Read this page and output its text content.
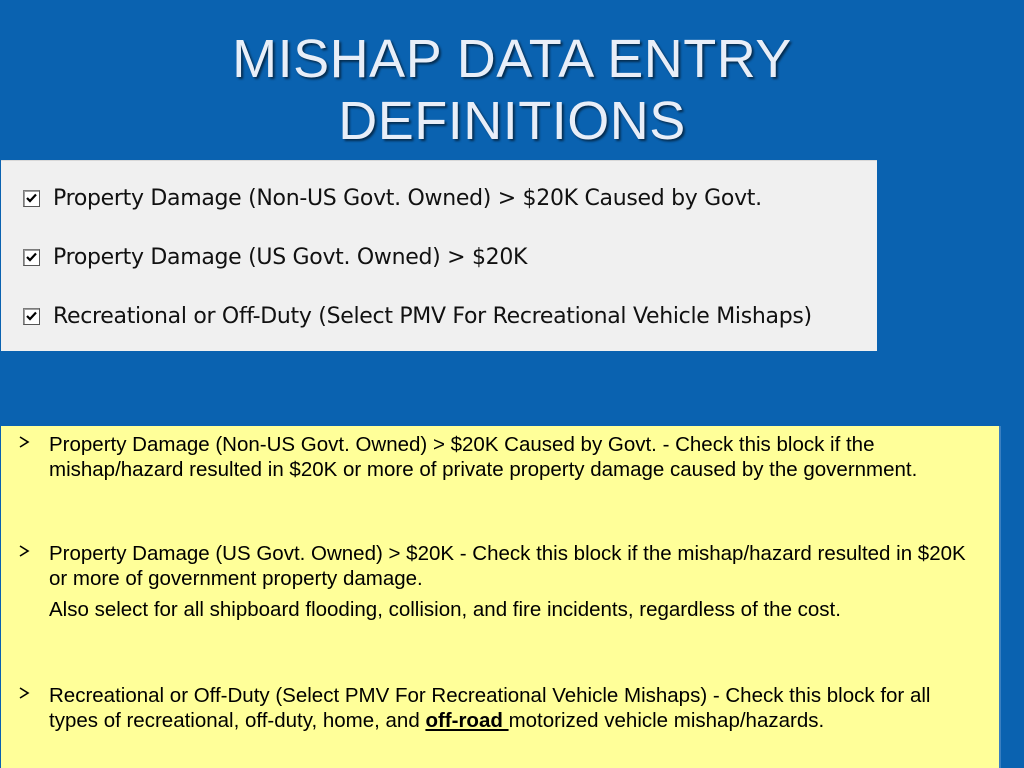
MISHAP DATA ENTRY
DEFINITIONS
Property Damage (Non-US Govt. Owned) > $20K Caused by Govt.
Property Damage (US Govt. Owned) > $20K
Recreational or Off-Duty (Select PMV For Recreational Vehicle Mishaps)

Property Damage (Non-US Govt. Owned) > $20K Caused by Govt. - Check this block if the mishap/hazard resulted in $20K or more of private property damage caused by the government.

Property Damage (US Govt. Owned) > $20K - Check this block if the mishap/hazard resulted in $20K or more of government property damage.

Also select for all shipboard flooding, collision, and fire incidents, regardless of the cost.

Recreational or Off-Duty (Select PMV For Recreational Vehicle Mishaps) - Check this block for all types of recreational, off-duty, home, and off-road motorized vehicle mishap/hazards.
